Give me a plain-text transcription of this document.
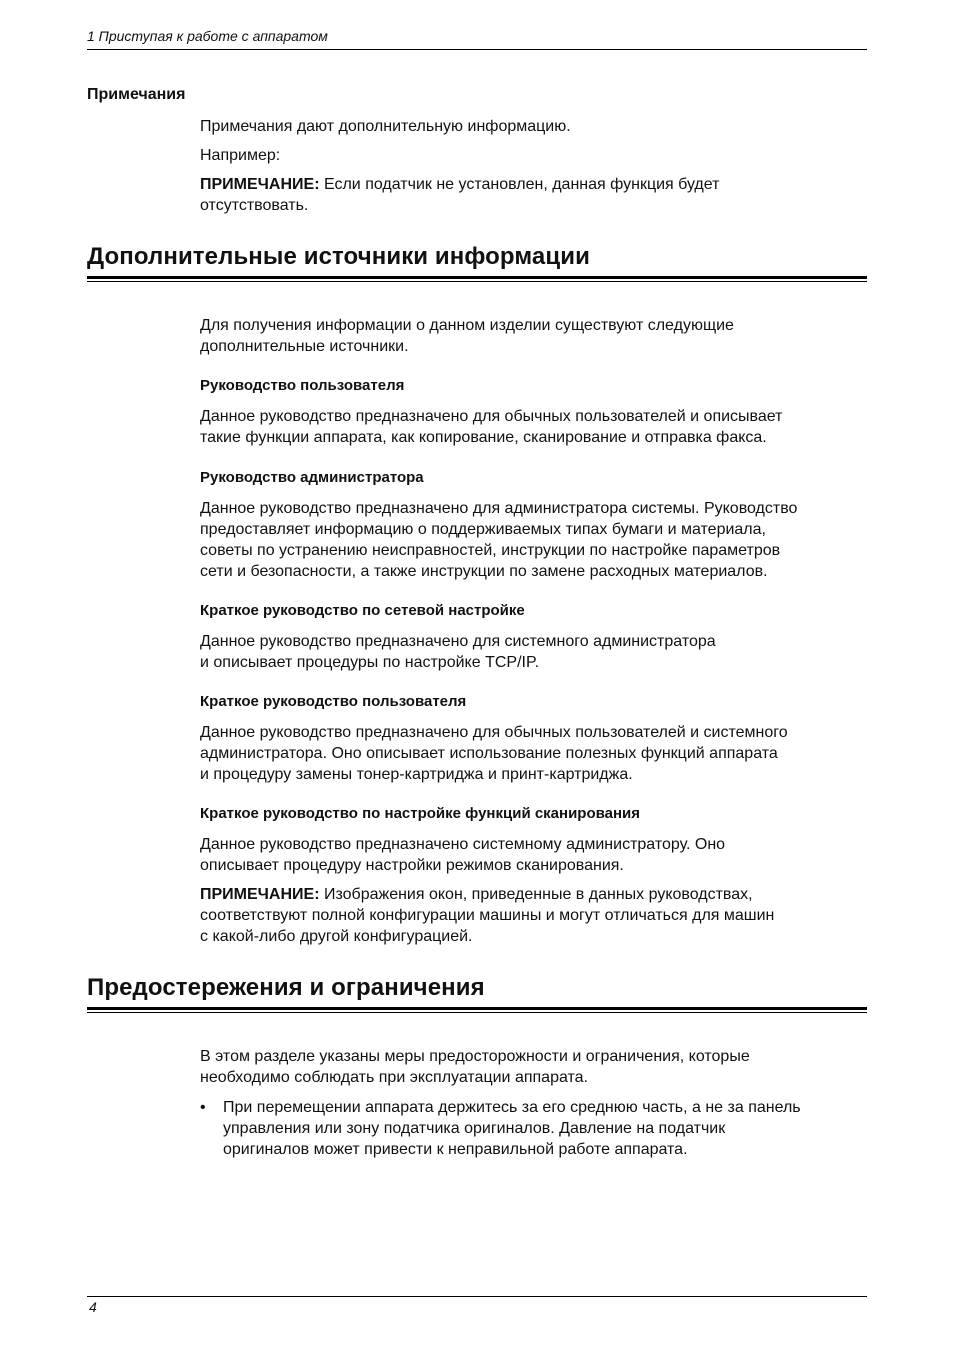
1 Приступая к работе с аппаратом
Примечания
Примечания дают дополнительную информацию.
Например:
ПРИМЕЧАНИЕ: Если податчик не установлен, данная функция будет
отсутствовать.
Дополнительные источники информации
Для получения информации о данном изделии существуют следующие
дополнительные источники.
Руководство пользователя
Данное руководство предназначено для обычных пользователей и описывает
такие функции аппарата, как копирование, сканирование и отправка факса.
Руководство администратора
Данное руководство предназначено для администратора системы. Руководство
предоставляет информацию о поддерживаемых типах бумаги и материала,
советы по устранению неисправностей, инструкции по настройке параметров
сети и безопасности, а также инструкции по замене расходных материалов.
Краткое руководство по сетевой настройке
Данное руководство предназначено для системного администратора
и описывает процедуры по настройке TCP/IP.
Краткое руководство пользователя
Данное руководство предназначено для обычных пользователей и системного
администратора. Оно описывает использование полезных функций аппарата
и процедуру замены тонер-картриджа и принт-картриджа.
Краткое руководство по настройке функций сканирования
Данное руководство предназначено системному администратору. Оно
описывает процедуру настройки режимов сканирования.
ПРИМЕЧАНИЕ: Изображения окон, приведенные в данных руководствах,
соответствуют полной конфигурации машины и могут отличаться для машин
с какой-либо другой конфигурацией.
Предостережения и ограничения
В этом разделе указаны меры предосторожности и ограничения, которые
необходимо соблюдать при эксплуатации аппарата.
• При перемещении аппарата держитесь за его среднюю часть, а не за панель
управления или зону податчика оригиналов. Давление на податчик
оригиналов может привести к неправильной работе аппарата.
4
